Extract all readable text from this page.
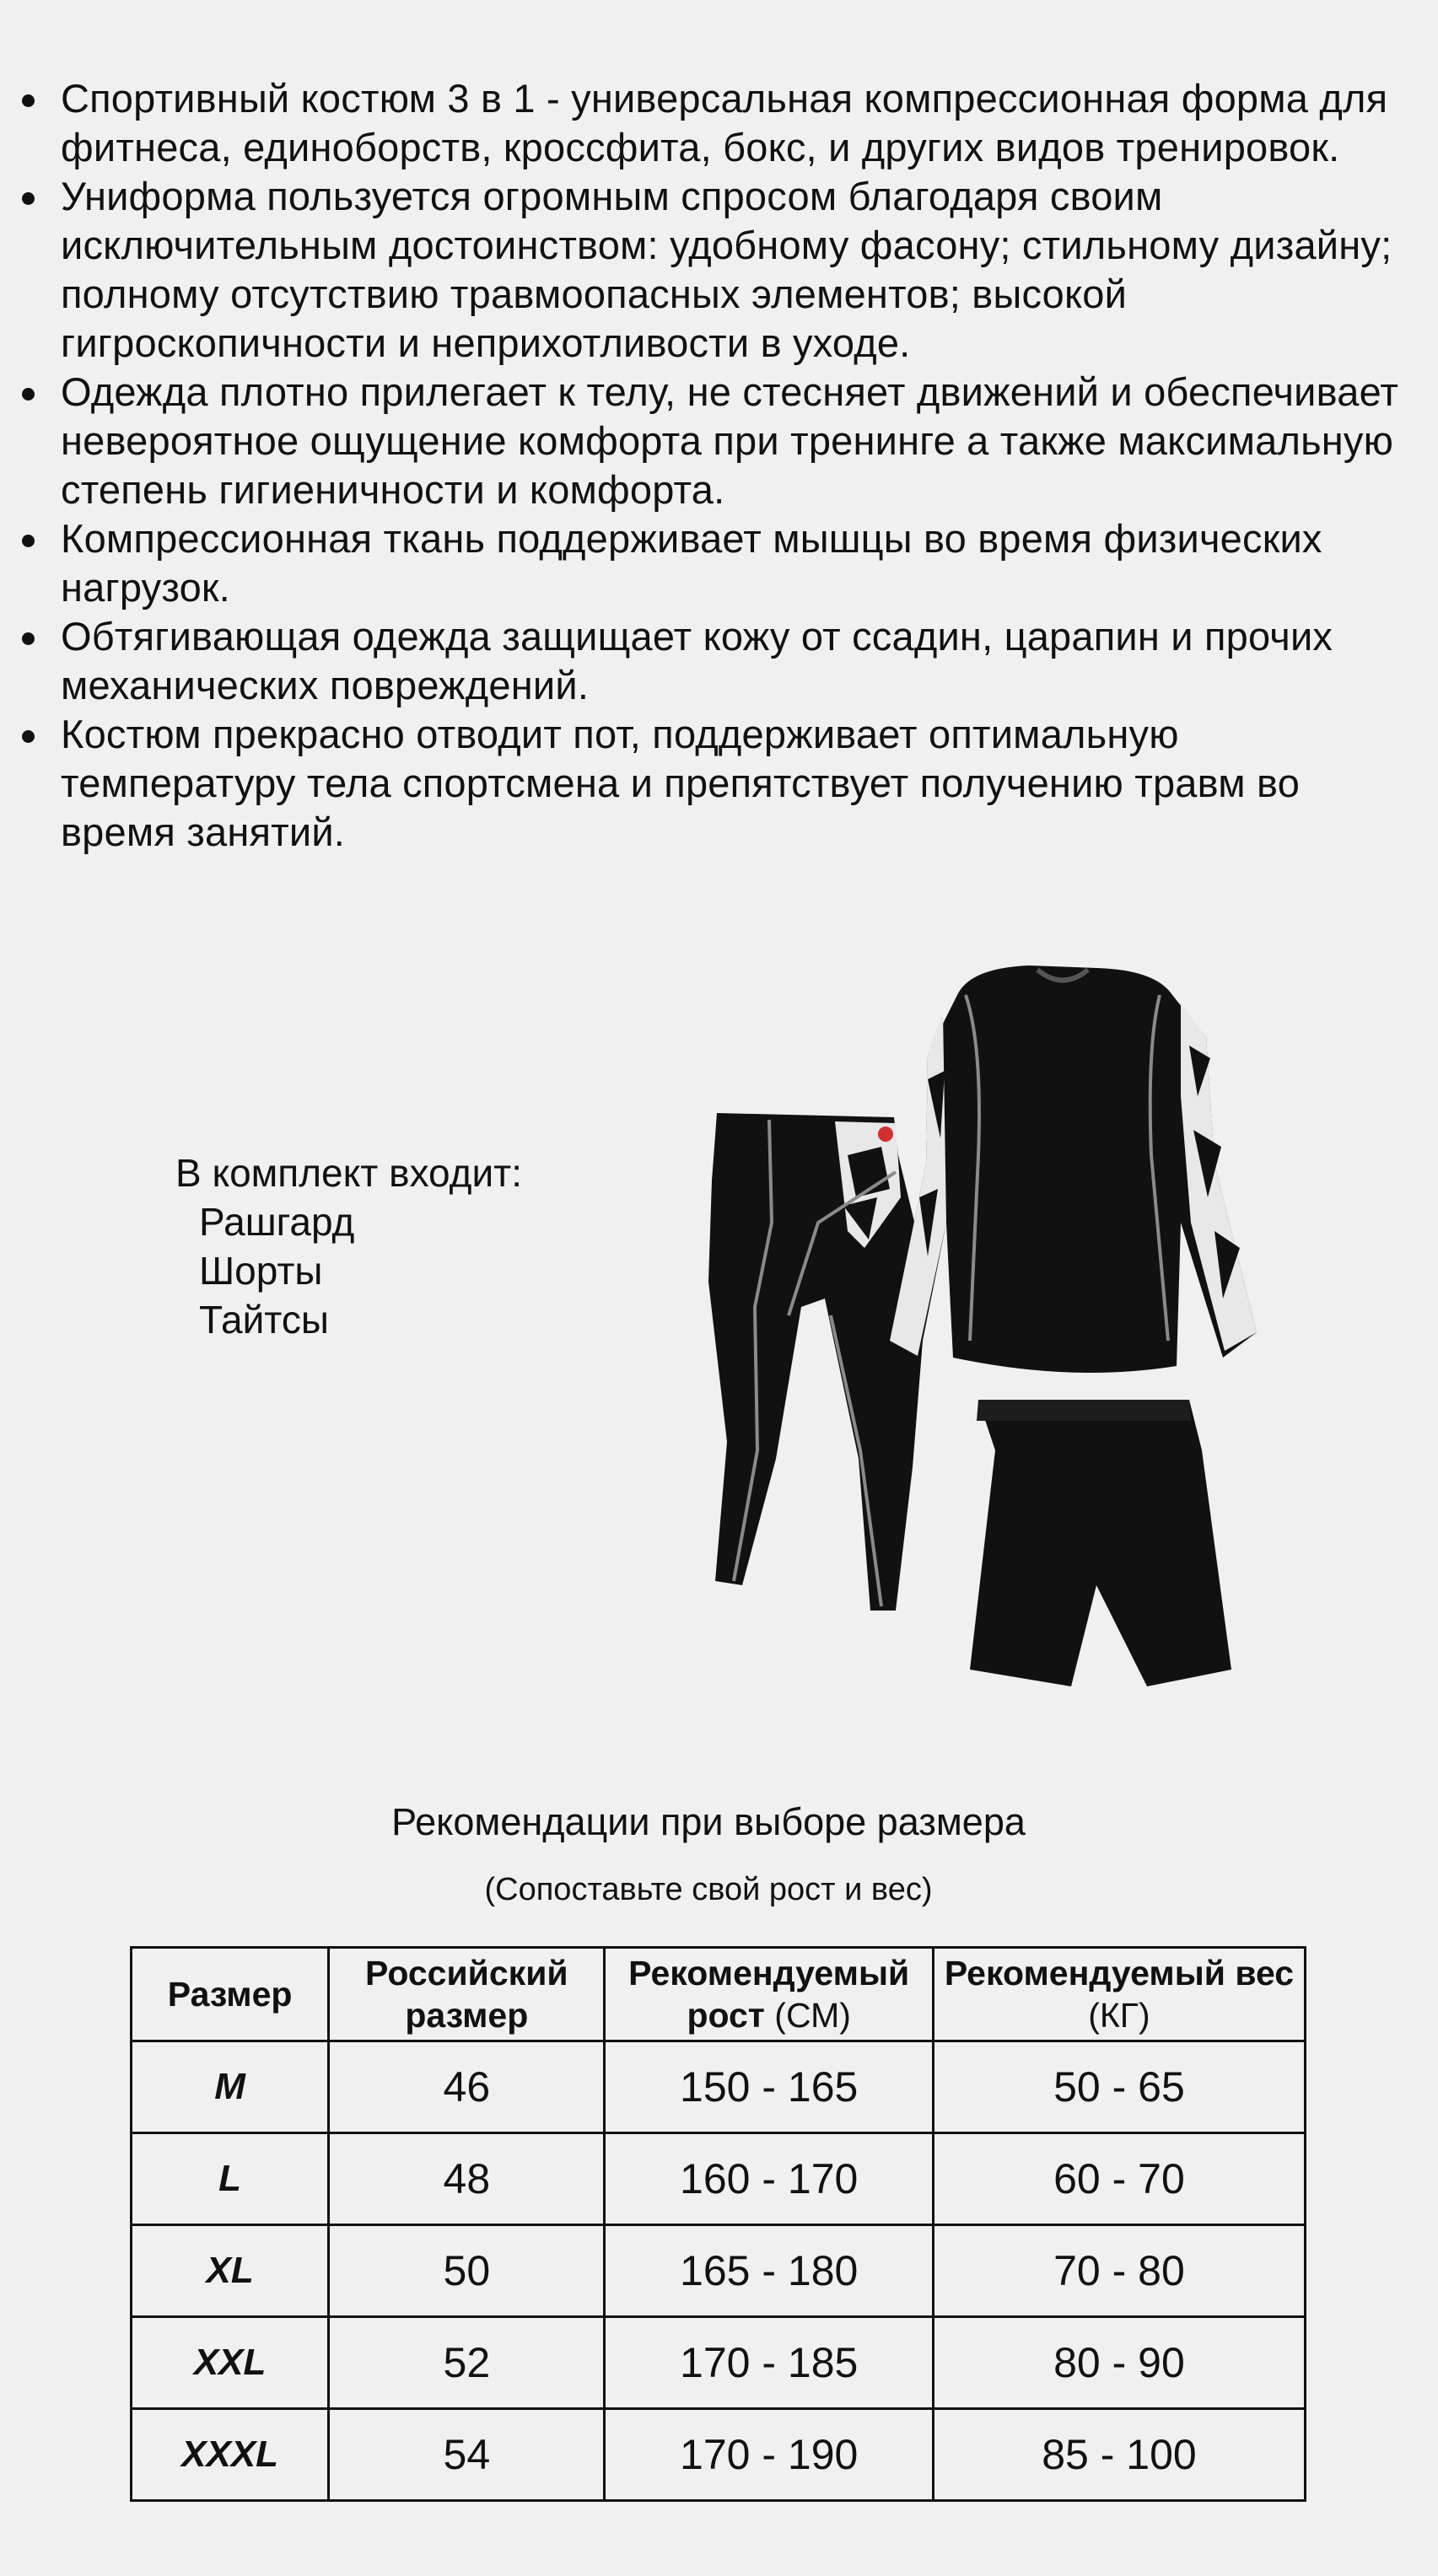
Спортивный костюм 3 в 1 - универсальная компрессионная форма для фитнеса, единоборств, кроссфита, бокс, и других видов тренировок.
Униформа пользуется огромным спросом благодаря своим исключительным достоинством: удобному фасону; стильному дизайну; полному отсутствию травмоопасных элементов; высокой гигроскопичности и неприхотливости в уходе.
Одежда плотно прилегает к телу, не стесняет движений и обеспечивает невероятное ощущение комфорта при тренинге а также максимальную степень гигиеничности и комфорта.
Компрессионная ткань поддерживает мышцы во время физических нагрузок.
Обтягивающая одежда защищает кожу от ссадин, царапин и прочих механических повреждений.
Костюм прекрасно отводит пот, поддерживает оптимальную температуру тела спортсмена и препятствует получению травм во время занятий.
В комплект входит:
Рашгард
Шорты
Тайтсы
Рекомендации при выборе размера
(Сопоставьте свой рост и вес)
Размер	Российский размер	Рекомендуемый рост (СМ)	Рекомендуемый вес (КГ)
M	46	150 - 165	50 - 65
L	48	160 - 170	60 - 70
XL	50	165 - 180	70 - 80
XXL	52	170 - 185	80 - 90
XXXL	54	170 - 190	85 - 100
